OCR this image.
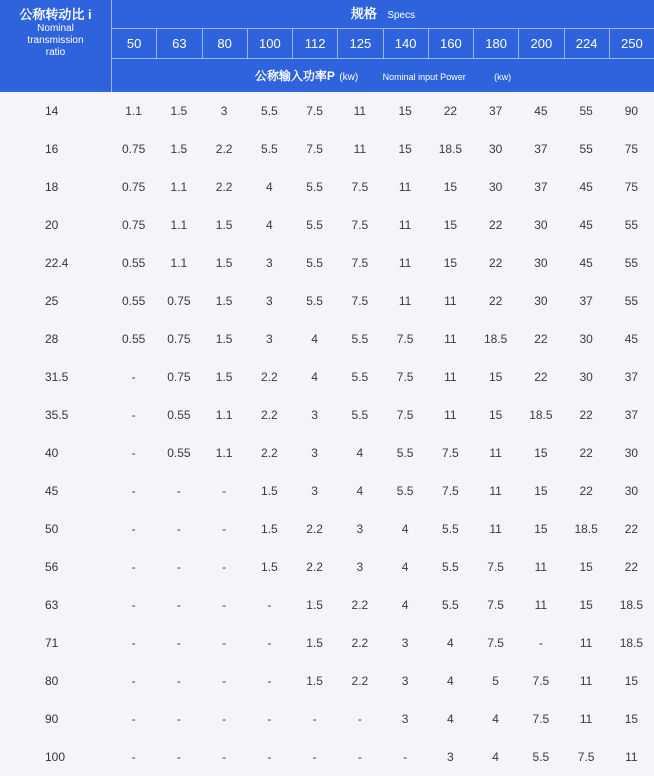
公称转动比 i
Nominal
transmission
ratio
规格 Specs
50	63	80	100	112	125	140	160	180	200	224	250
公称输入功率P (kw)	Nominal input Power	(kw)
14	1.1	1.5	3	5.5	7.5	11	15	22	37	45	55	90
16	0.75	1.5	2.2	5.5	7.5	11	15	18.5	30	37	55	75
18	0.75	1.1	2.2	4	5.5	7.5	11	15	30	37	45	75
20	0.75	1.1	1.5	4	5.5	7.5	11	15	22	30	45	55
22.4	0.55	1.1	1.5	3	5.5	7.5	11	15	22	30	45	55
25	0.55	0.75	1.5	3	5.5	7.5	11	11	22	30	37	55
28	0.55	0.75	1.5	3	4	5.5	7.5	11	18.5	22	30	45
31.5	-	0.75	1.5	2.2	4	5.5	7.5	11	15	22	30	37
35.5	-	0.55	1.1	2.2	3	5.5	7.5	11	15	18.5	22	37
40	-	0.55	1.1	2.2	3	4	5.5	7.5	11	15	22	30
45	-	-	-	1.5	3	4	5.5	7.5	11	15	22	30
50	-	-	-	1.5	2.2	3	4	5.5	11	15	18.5	22
56	-	-	-	1.5	2.2	3	4	5.5	7.5	11	15	22
63	-	-	-	-	1.5	2.2	4	5.5	7.5	11	15	18.5
71	-	-	-	-	1.5	2.2	3	4	7.5	-	11	18.5
80	-	-	-	-	1.5	2.2	3	4	5	7.5	11	15
90	-	-	-	-	-	-	3	4	4	7.5	11	15
100	-	-	-	-	-	-	-	3	4	5.5	7.5	11
